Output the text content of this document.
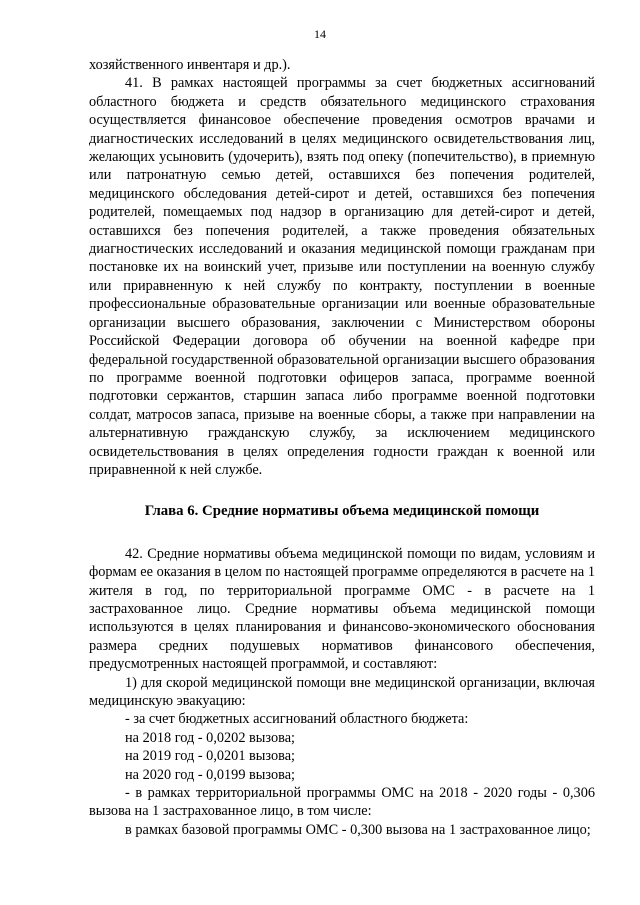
14

хозяйственного инвентаря и др.).

41. В рамках настоящей программы за счет бюджетных ассигнований областного бюджета и средств обязательного медицинского страхования осуществляется финансовое обеспечение проведения осмотров врачами и диагностических исследований в целях медицинского освидетельствования лиц, желающих усыновить (удочерить), взять под опеку (попечительство), в приемную или патронатную семью детей, оставшихся без попечения родителей, медицинского обследования детей-сирот и детей, оставшихся без попечения родителей, помещаемых под надзор в организацию для детей-сирот и детей, оставшихся без попечения родителей, а также проведения обязательных диагностических исследований и оказания медицинской помощи гражданам при постановке их на воинский учет, призыве или поступлении на военную службу или приравненную к ней службу по контракту, поступлении в военные профессиональные образовательные организации или военные образовательные организации высшего образования, заключении с Министерством обороны Российской Федерации договора об обучении на военной кафедре при федеральной государственной образовательной организации высшего образования по программе военной подготовки офицеров запаса, программе военной подготовки сержантов, старшин запаса либо программе военной подготовки солдат, матросов запаса, призыве на военные сборы, а также при направлении на альтернативную гражданскую службу, за исключением медицинского освидетельствования в целях определения годности граждан к военной или приравненной к ней службе.

Глава 6. Средние нормативы объема медицинской помощи

42. Средние нормативы объема медицинской помощи по видам, условиям и формам ее оказания в целом по настоящей программе определяются в расчете на 1 жителя в год, по территориальной программе ОМС - в расчете на 1 застрахованное лицо. Средние нормативы объема медицинской помощи используются в целях планирования и финансово-экономического обоснования размера средних подушевых нормативов финансового обеспечения, предусмотренных настоящей программой, и составляют:

1) для скорой медицинской помощи вне медицинской организации, включая медицинскую эвакуацию:

- за счет бюджетных ассигнований областного бюджета:

на 2018 год - 0,0202 вызова;

на 2019 год - 0,0201 вызова;

на 2020 год - 0,0199 вызова;

- в рамках территориальной программы ОМС на 2018 - 2020 годы - 0,306 вызова на 1 застрахованное лицо, в том числе:

в рамках базовой программы ОМС - 0,300 вызова на 1 застрахованное лицо;
